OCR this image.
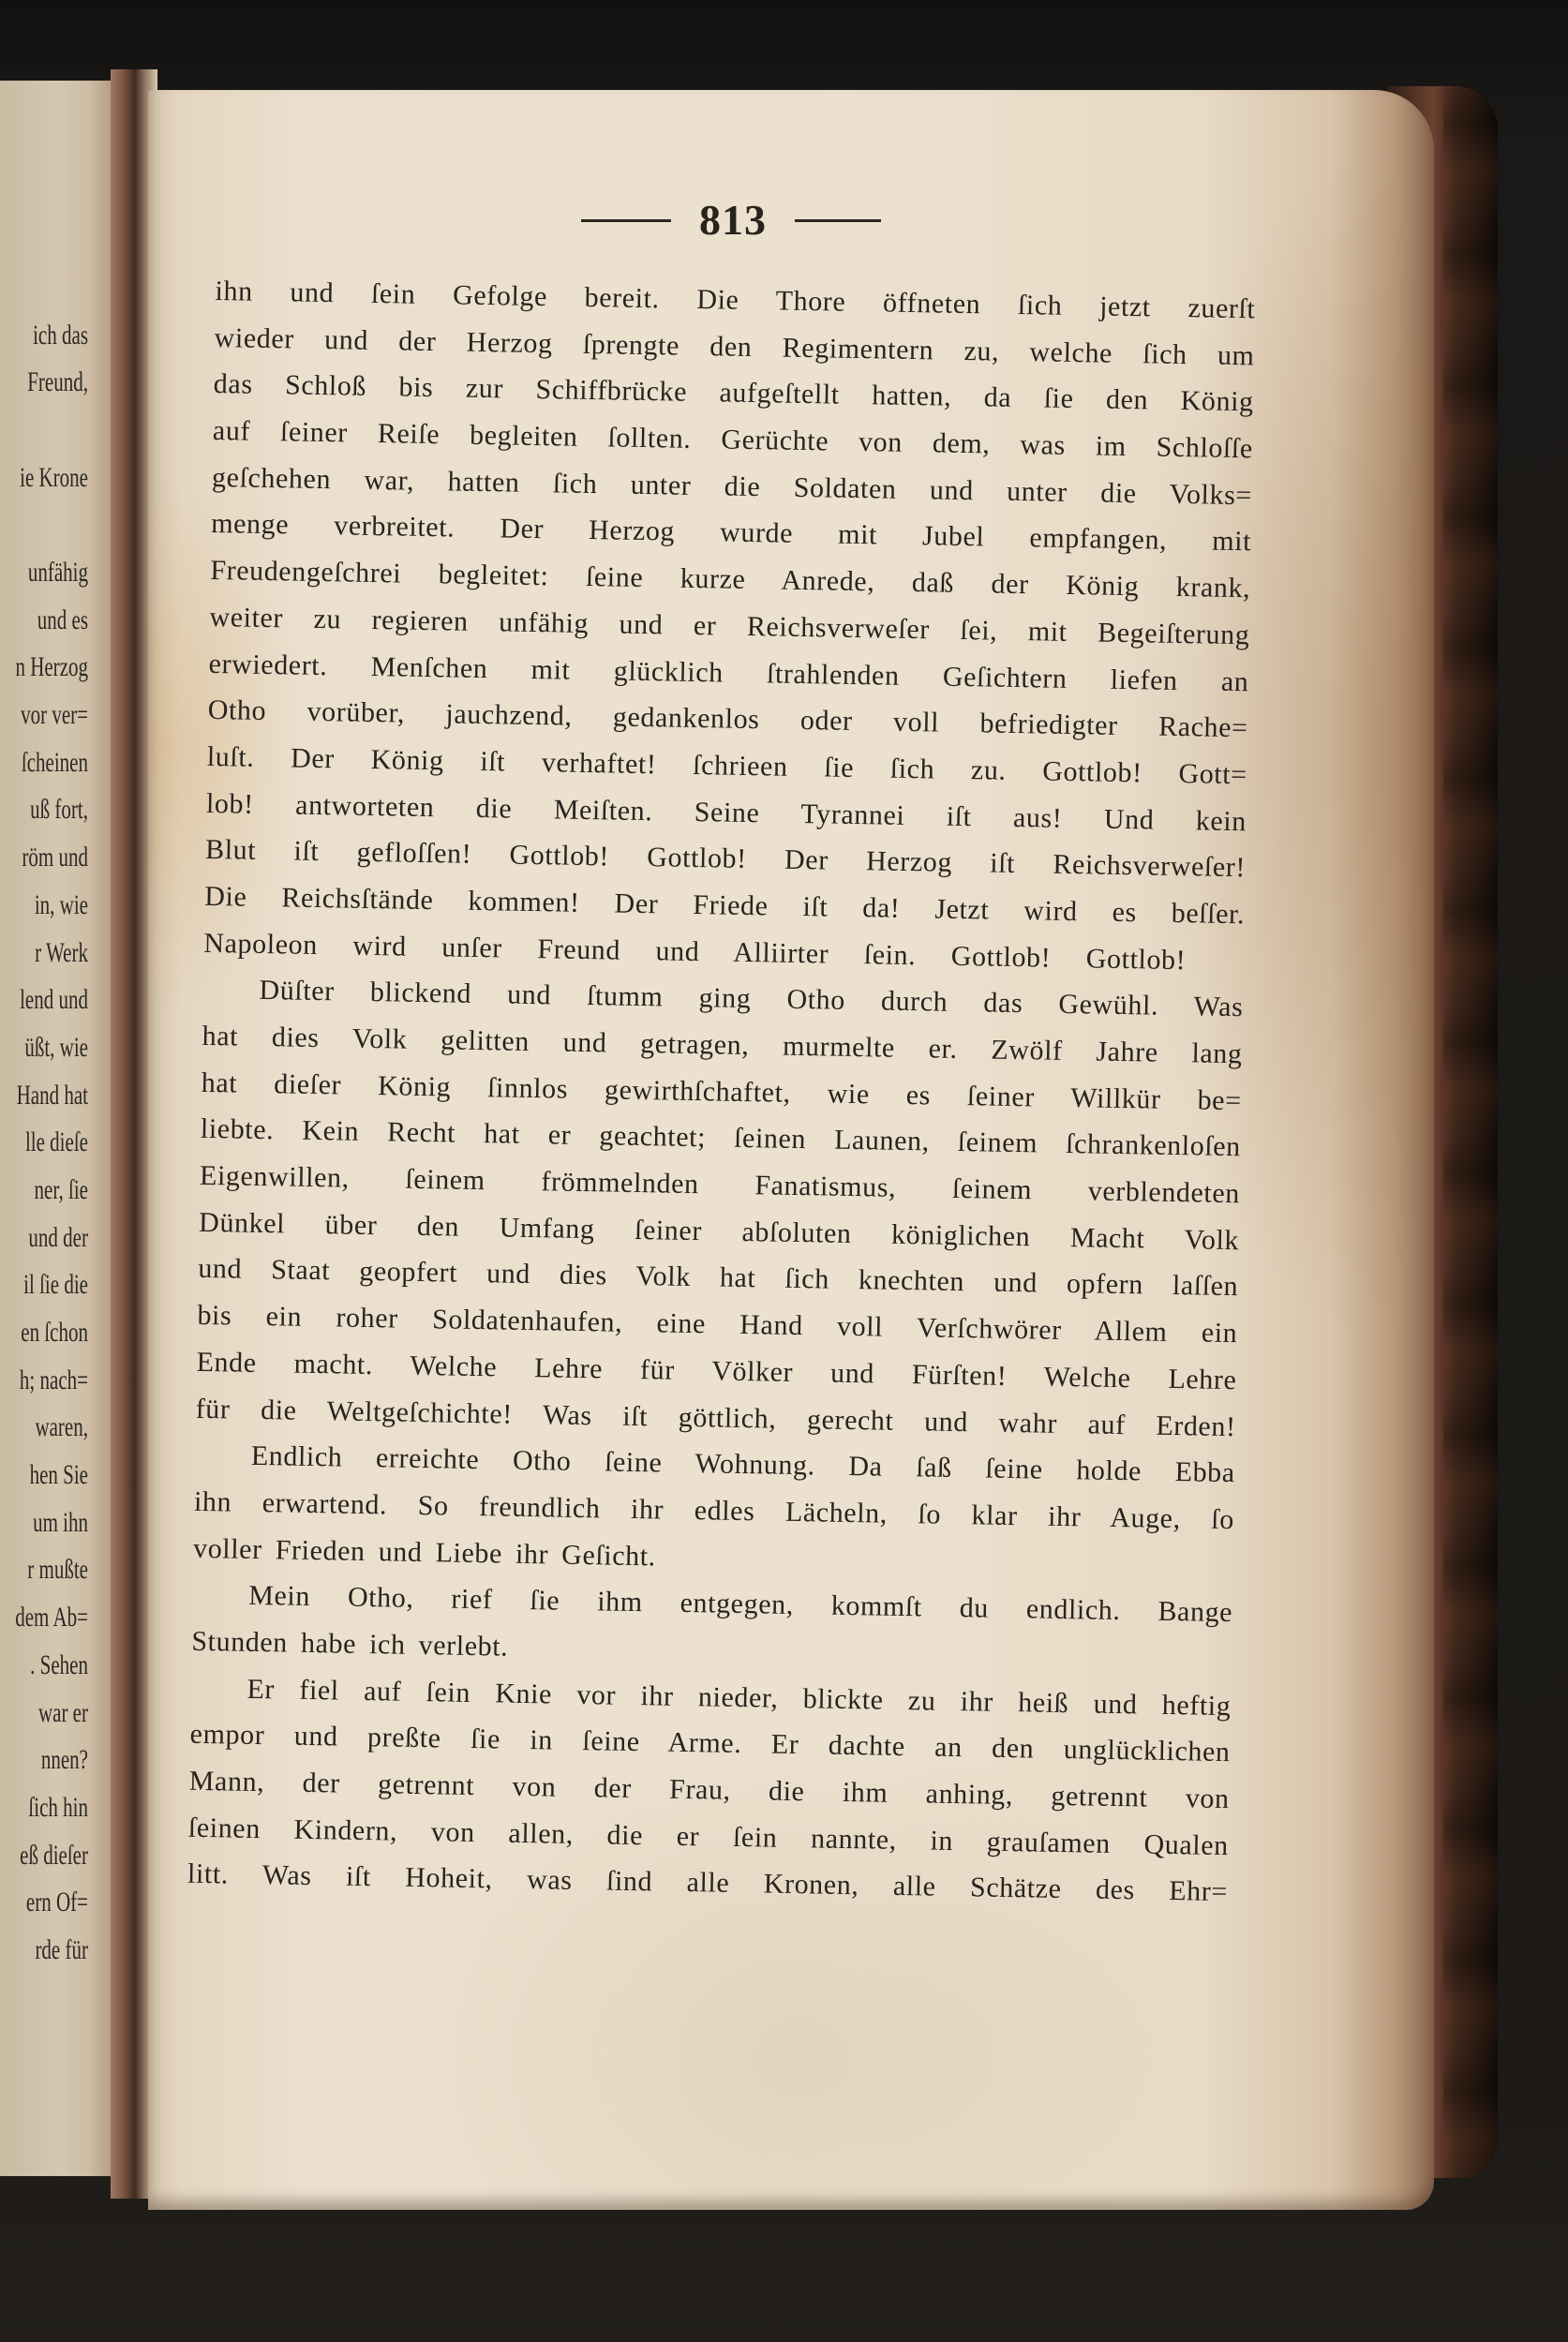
ich das
Freund,
ie Krone
unfähig
und es
n Herzog
vor ver=
ſcheinen
uß fort,
röm und
in, wie
r Werk
lend und
üßt, wie
Hand hat
lle dieſe
ner, ſie
und der
il ſie die
en ſchon
h; nach=
waren,
hen Sie
um ihn
r mußte
dem Ab=
. Sehen
war er
nnen?
ſich hin
eß dieſer
ern Of=
rde für
813
ihn und ſein Gefolge bereit. Die Thore öffneten ſich jetzt zuerſt
wieder und der Herzog ſprengte den Regimentern zu, welche ſich um
das Schloß bis zur Schiffbrücke aufgeſtellt hatten, da ſie den König
auf ſeiner Reiſe begleiten ſollten. Gerüchte von dem, was im Schloſſe
geſchehen war, hatten ſich unter die Soldaten und unter die Volks=
menge verbreitet. Der Herzog wurde mit Jubel empfangen, mit
Freudengeſchrei begleitet: ſeine kurze Anrede, daß der König krank,
weiter zu regieren unfähig und er Reichsverweſer ſei, mit Begeiſterung
erwiedert. Menſchen mit glücklich ſtrahlenden Geſichtern liefen an
Otho vorüber, jauchzend, gedankenlos oder voll befriedigter Rache=
luſt. Der König iſt verhaftet! ſchrieen ſie ſich zu. Gottlob! Gott=
lob! antworteten die Meiſten. Seine Tyrannei iſt aus! Und kein
Blut iſt gefloſſen! Gottlob! Gottlob! Der Herzog iſt Reichsverweſer!
Die Reichsſtände kommen! Der Friede iſt da! Jetzt wird es beſſer.
Napoleon wird unſer Freund und Alliirter ſein. Gottlob! Gottlob!
Düſter blickend und ſtumm ging Otho durch das Gewühl. Was
hat dies Volk gelitten und getragen, murmelte er. Zwölf Jahre lang
hat dieſer König ſinnlos gewirthſchaftet, wie es ſeiner Willkür be=
liebte. Kein Recht hat er geachtet; ſeinen Launen, ſeinem ſchrankenloſen
Eigenwillen, ſeinem frömmelnden Fanatismus, ſeinem verblendeten
Dünkel über den Umfang ſeiner abſoluten königlichen Macht Volk
und Staat geopfert und dies Volk hat ſich knechten und opfern laſſen
bis ein roher Soldatenhaufen, eine Hand voll Verſchwörer Allem ein
Ende macht. Welche Lehre für Völker und Fürſten! Welche Lehre
für die Weltgeſchichte! Was iſt göttlich, gerecht und wahr auf Erden!
Endlich erreichte Otho ſeine Wohnung. Da ſaß ſeine holde Ebba
ihn erwartend. So freundlich ihr edles Lächeln, ſo klar ihr Auge, ſo
voller Frieden und Liebe ihr Geſicht.
Mein Otho, rief ſie ihm entgegen, kommſt du endlich. Bange
Stunden habe ich verlebt.
Er fiel auf ſein Knie vor ihr nieder, blickte zu ihr heiß und heftig
empor und preßte ſie in ſeine Arme. Er dachte an den unglücklichen
Mann, der getrennt von der Frau, die ihm anhing, getrennt von
ſeinen Kindern, von allen, die er ſein nannte, in grauſamen Qualen
litt. Was iſt Hoheit, was ſind alle Kronen, alle Schätze des Ehr=
